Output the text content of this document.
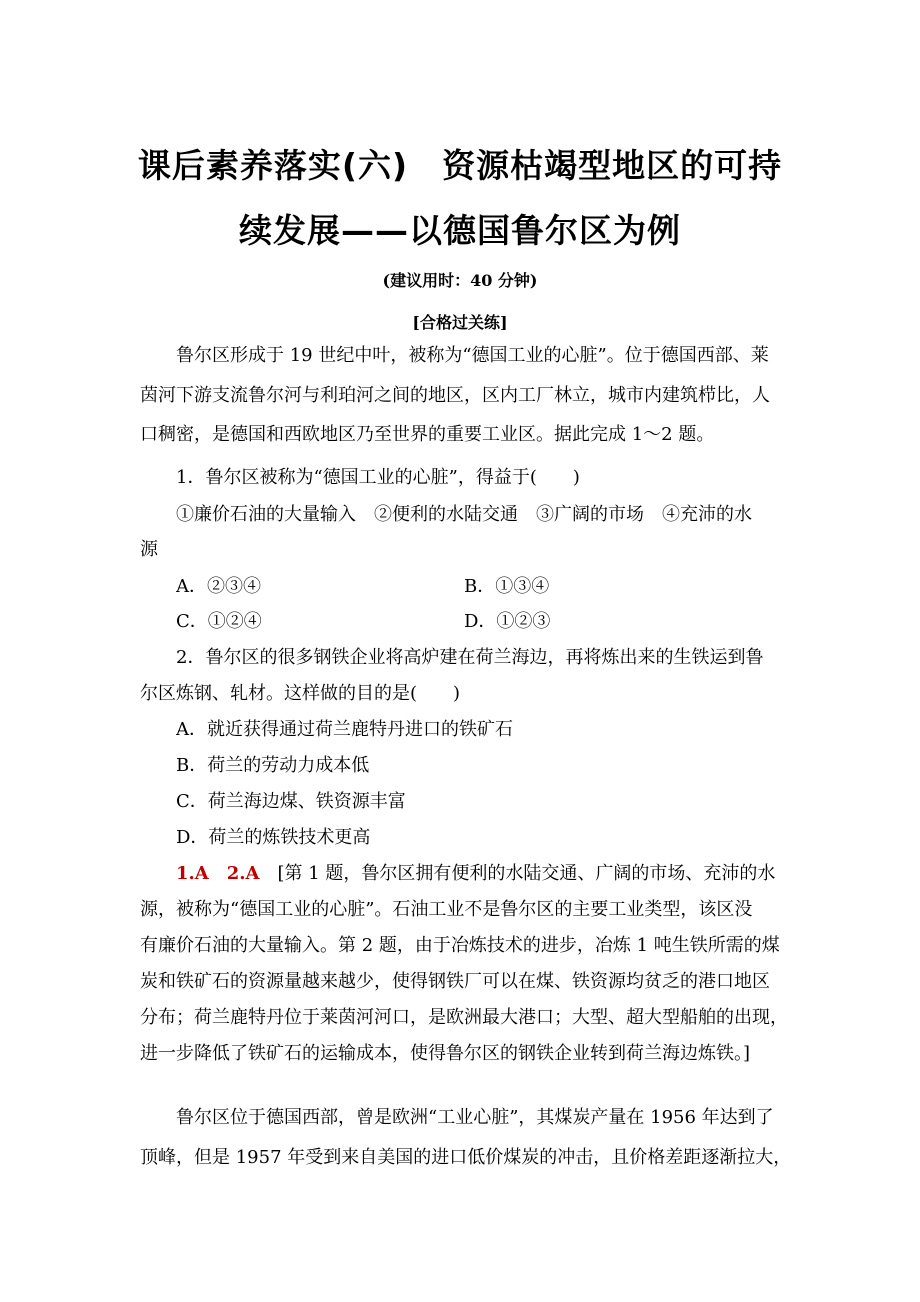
课后素养落实(六)　资源枯竭型地区的可持
续发展——以德国鲁尔区为例
(建议用时：40 分钟)
[合格过关练]
鲁尔区形成于 19 世纪中叶，被称为“德国工业的心脏”。位于德国西部、莱
茵河下游支流鲁尔河与利珀河之间的地区，区内工厂林立，城市内建筑栉比，人
口稠密，是德国和西欧地区乃至世界的重要工业区。据此完成 1～2 题。
1．鲁尔区被称为“德国工业的心脏”，得益于(　　)
①廉价石油的大量输入　②便利的水陆交通　③广阔的市场　④充沛的水
源
A．②③④	B．①③④
C．①②④	D．①②③
2．鲁尔区的很多钢铁企业将高炉建在荷兰海边，再将炼出来的生铁运到鲁
尔区炼钢、轧材。这样做的目的是(　　)
A．就近获得通过荷兰鹿特丹进口的铁矿石
B．荷兰的劳动力成本低
C．荷兰海边煤、铁资源丰富
D．荷兰的炼铁技术更高
1.A　2.A　[第 1 题，鲁尔区拥有便利的水陆交通、广阔的市场、充沛的水
源，被称为“德国工业的心脏”。石油工业不是鲁尔区的主要工业类型，该区没
有廉价石油的大量输入。第 2 题，由于冶炼技术的进步，冶炼 1 吨生铁所需的煤
炭和铁矿石的资源量越来越少，使得钢铁厂可以在煤、铁资源均贫乏的港口地区
分布；荷兰鹿特丹位于莱茵河河口，是欧洲最大港口；大型、超大型船舶的出现，
进一步降低了铁矿石的运输成本，使得鲁尔区的钢铁企业转到荷兰海边炼铁。]
鲁尔区位于德国西部，曾是欧洲“工业心脏”，其煤炭产量在 1956 年达到了
顶峰，但是 1957 年受到来自美国的进口低价煤炭的冲击，且价格差距逐渐拉大，
